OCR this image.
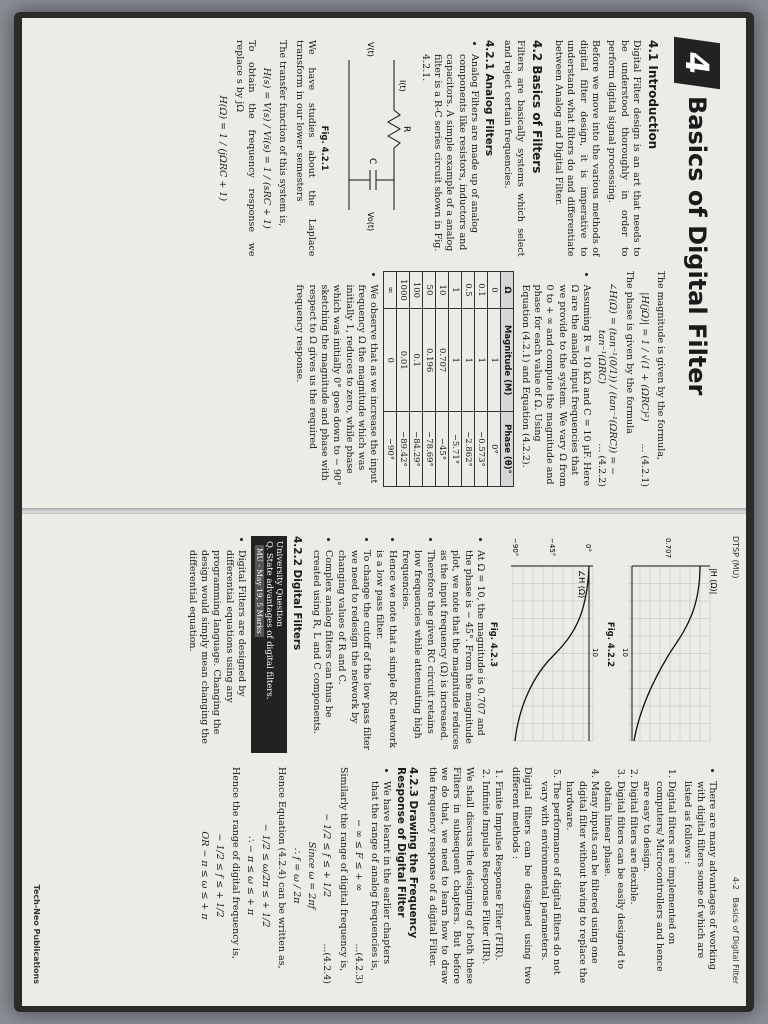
4
Basics of Digital Filter
4.1 Introduction

Digital Filter design is an art that needs to be understood thoroughly in order to perform digital signal processing.

Before we move into the various methods of digital filter design, it is imperative to understand what filters do and differentiate between Analog and Digital Filter.

4.2 Basics of Filters

Filters are basically systems which select and reject certain frequencies.

4.2.1 Analog Filters
• Analog Filters are made up of analog components like resistors, inductors and capacitors. A simple example of a analog filter is a R-C series circuit shown in Fig. 4.2.1.
R
C
V(t)
I(t)
Vo(t)
Fig. 4.2.1

We have studies about the Laplace transform in our lower semesters

The transfer function of this system is,

H(s) = V(s) / Vi(s) = 1 / (sRC + 1)

To obtain the frequency response we replace s by jΩ

H(Ω) = 1 / (jΩRC + 1)

The magnitude is given by the formula,

|H(jΩ)| = 1 / √(1 + (ΩRC)²)
... (4.2.1)

The phase is given by the formula

∠H(Ω) = (tan⁻¹(0/1)) / (tan⁻¹(ΩRC)) = − tan⁻¹(ΩRC)
... (4.2.2)
• Assuming R = 10 kΩ and C = 10 μF. Here Ω are the analog input frequencies that we provide to the system. We vary Ω from 0 to + ∞ and compute the magnitude and phase for each value of Ω. Using Equation (4.2.1) and Equation (4.2.2).
Ω	Magnitude (M)	Phase (θ)°
0	1	0°
0.1	1	−0.573°
0.5	1	−2.862°
1	1	−5.71°
10	0.707	−45°
50	0.196	−78.69°
100	0.1	−84.29°
1000	0.01	−89.42°
∞	0	−90°
• We observe that as we increase the input frequency Ω the magnitude which was initially 1, reduces to zero, while phase which was initially 0° goes down to − 90° sketching the magnitude and phase with respect to Ω gives us the required frequency response.
DTSP (MU)
4-2   Basics of Digital Filter
|H (Ω)|
0.707
10
Fig. 4.2.2
∠H (Ω)
0°
−45°
−90°
10
Fig. 4.2.3
• At Ω = 10, the magnitude is 0.707 and the phase is − 45°. From the magnitude plot, we note that the magnitude reduces as the input frequency (Ω) is increased.
• Therefore the given RC circuit retains low frequencies while attenuating high frequencies.
• Hence we note that a simple RC network is a low pass filter.
• To change the cutoff of the low pass filter we need to redesign the network by changing values of R and C.
• Complex analog filters can thus be created using R, L and C components.
4.2.2 Digital Filters
University Question
Q. State advantages of digital filters. MU - May 19, 5 Marks
• Digital Filters are designed by differential equations using any programming language. Changing the design would simply mean changing the differential equation.
• There are many advantages of working with digital filters some of which are listed as follows :
1. Digital filters are implemented on computers/ Microcontrollers and hence are easy to design.
2. Digital filters are flexible.
3. Digital filters can be easily designed to obtain linear phase.
4. Many inputs can be filtered using one digital filter without having to replace the hardware.
5. The performance of digital filters do not vary with environmental parameters.

Digital filters can be designed using two different methods :

1. Finite Impulse Response Filter (FIR).
2. Infinite Impulse Response Filter (IIR).

We shall discuss the designing of both these Filters in subsequent chapters. But before we do that, we need to learn how to draw the frequency response of a digital Filter.

4.2.3 Drawing the Frequency Response of Digital Filter
• We have learnt in the earlier chapters that the range of analog frequencies is,
− ∞ ≤ F ≤ + ∞
...(4.2.3)

Similarly the range of digital frequency is,

− 1/2 ≤ f ≤ + 1/2
...(4.2.4)
Since ω = 2πf
∴ f = ω / 2π

Hence Equation (4.2.4) can be written as,

− 1/2 ≤ ω/2π ≤ + 1/2
∴ − π ≤ ω ≤ + π

Hence the range of digital frequency is,

− 1/2 ≤ f ≤ + 1/2
OR − π ≤ ω ≤ + π
Tech-Neo Publications
